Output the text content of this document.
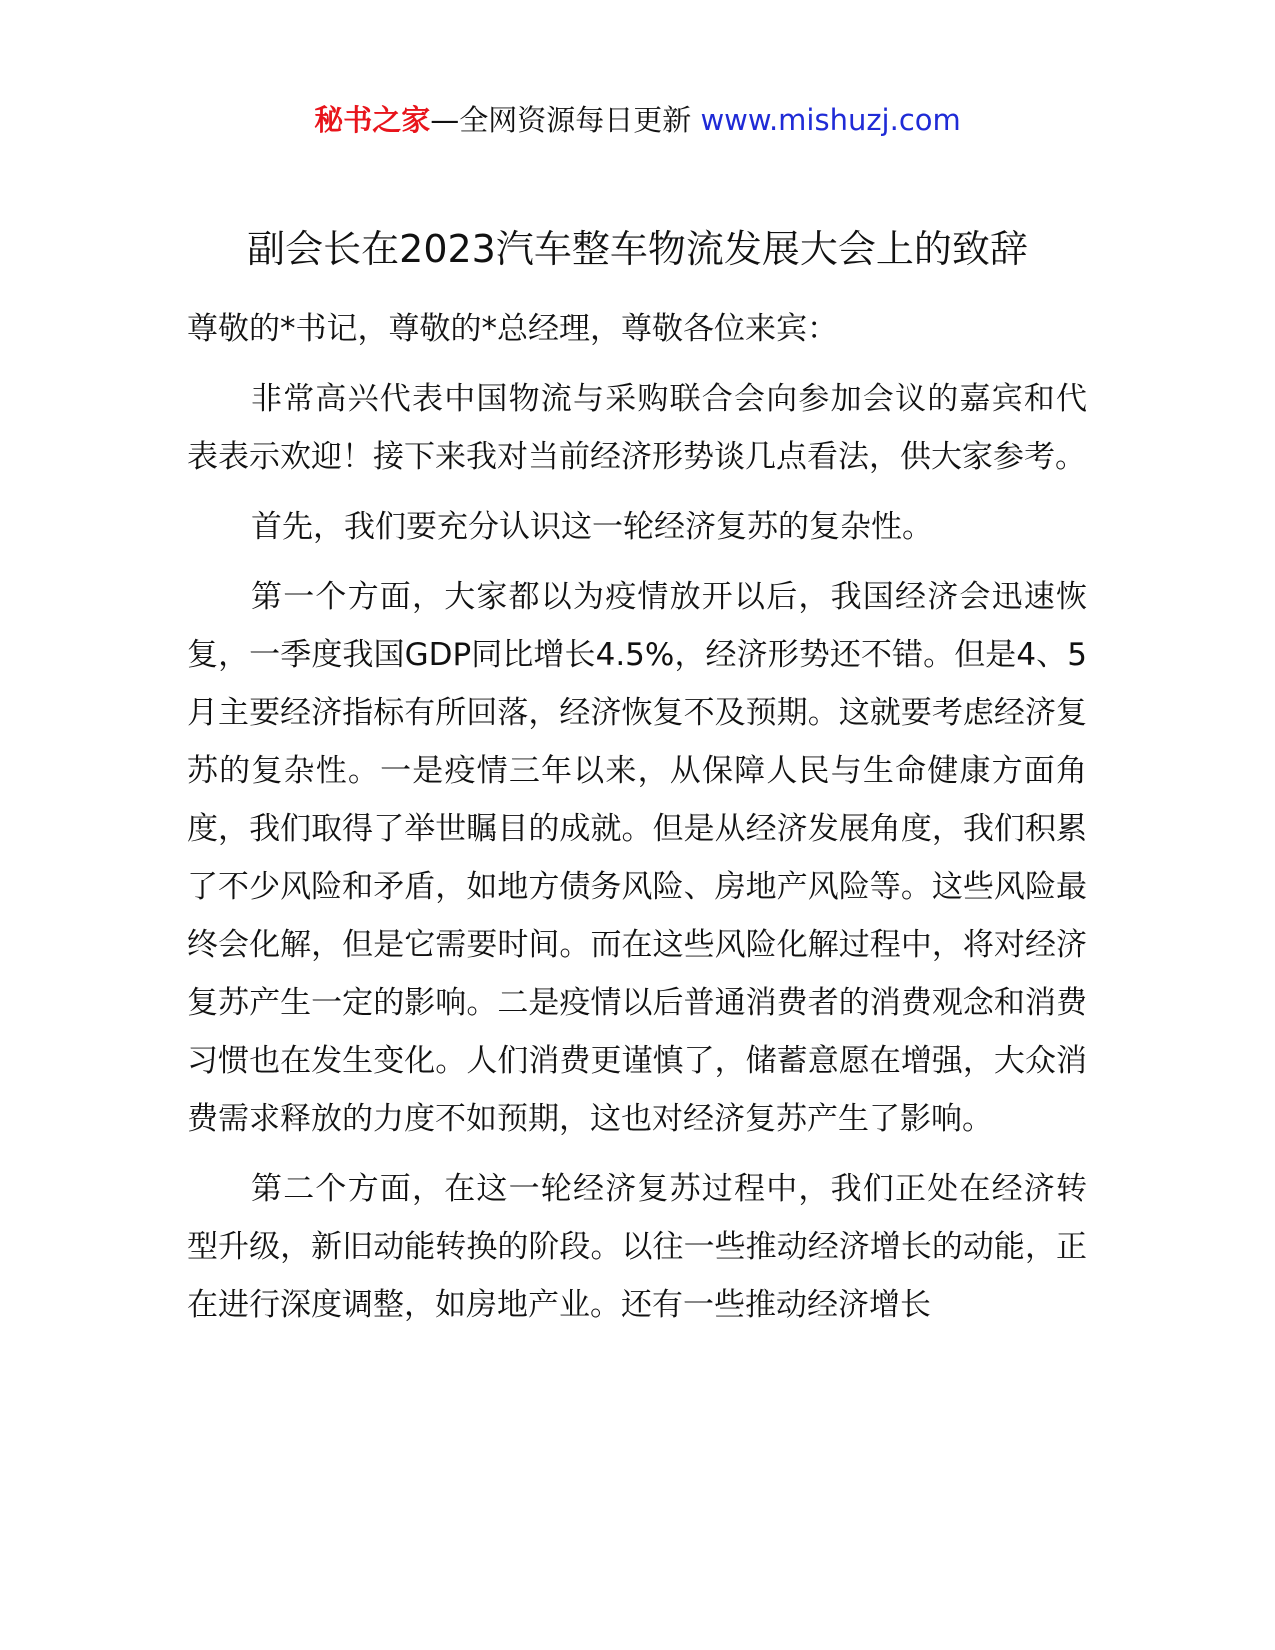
秘书之家—全网资源每日更新 www.mishuzj.com
副会长在2023汽车整车物流发展大会上的致辞

尊敬的*书记，尊敬的*总经理，尊敬各位来宾：

非常高兴代表中国物流与采购联合会向参加会议的嘉宾和代表表示欢迎！接下来我对当前经济形势谈几点看法，供大家参考。

首先，我们要充分认识这一轮经济复苏的复杂性。

第一个方面，大家都以为疫情放开以后，我国经济会迅速恢复，一季度我国GDP同比增长4.5%，经济形势还不错。但是4、5月主要经济指标有所回落，经济恢复不及预期。这就要考虑经济复苏的复杂性。一是疫情三年以来，从保障人民与生命健康方面角度，我们取得了举世瞩目的成就。但是从经济发展角度，我们积累了不少风险和矛盾，如地方债务风险、房地产风险等。这些风险最终会化解，但是它需要时间。而在这些风险化解过程中，将对经济复苏产生一定的影响。二是疫情以后普通消费者的消费观念和消费习惯也在发生变化。人们消费更谨慎了，储蓄意愿在增强，大众消费需求释放的力度不如预期，这也对经济复苏产生了影响。

第二个方面，在这一轮经济复苏过程中，我们正处在经济转型升级，新旧动能转换的阶段。以往一些推动经济增长的动能，正在进行深度调整，如房地产业。还有一些推动经济增长
